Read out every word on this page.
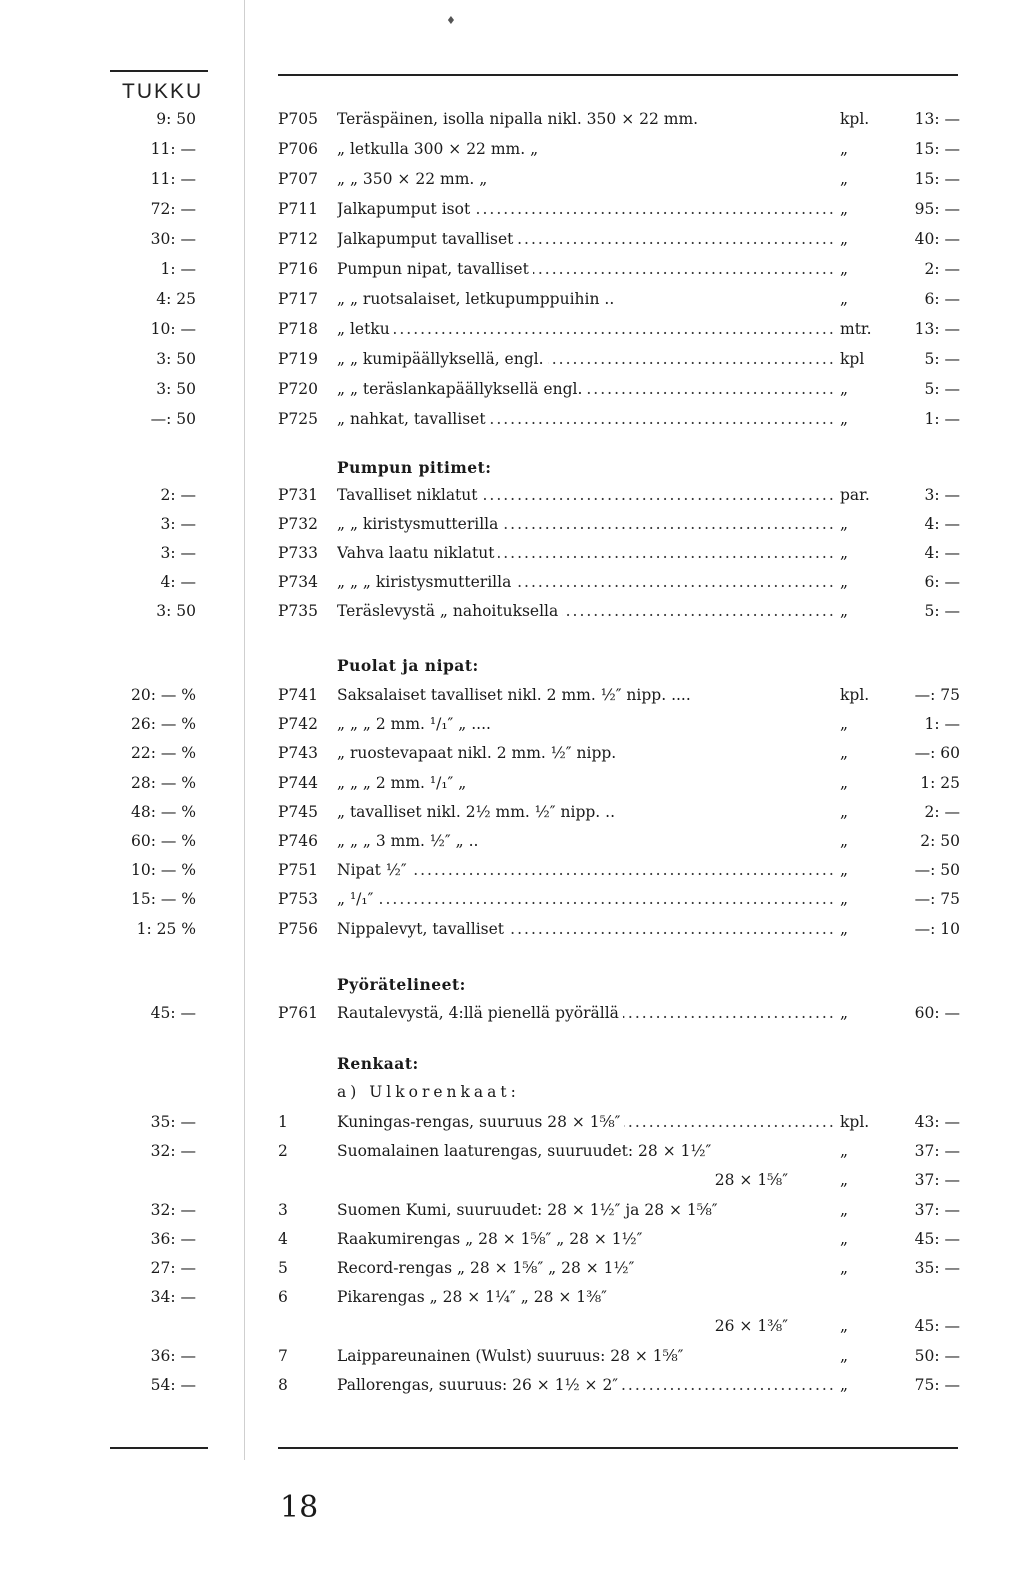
♦
TUKKU
9: 50	P705	Teräspäinen, isolla nipalla nikl. 350 × 22 mm.	kpl.	13: —
11: —	P706	„ letkulla 300 × 22 mm. „	„	15: —
11: —	P707	„ „ 350 × 22 mm. „	„	15: —
72: —	P711	Jalkapumput isot .....	„	95: —
30: —	P712	Jalkapumput tavalliset .....	„	40: —
1: —	P716	Pumpun nipat, tavalliset .....	„	2: —
4: 25	P717	„ „ ruotsalaiset, letkupumppuihin ..	„	6: —
10: —	P718	„ letku .....	mtr.	13: —
3: 50	P719	„ „ kumipäällyksellä, engl. .....	kpl	5: —
3: 50	P720	„ „ teräslankapäällyksellä engl. .....	„	5: —
—: 50	P725	„ nahkat, tavalliset .....	„	1: —
Pumpun pitimet:
2: —	P731	Tavalliset niklatut .....	par.	3: —
3: —	P732	„ „ kiristysmutterilla .....	„	4: —
3: —	P733	Vahva laatu niklatut .....	„	4: —
4: —	P734	„ „ „ kiristysmutterilla .....	„	6: —
3: 50	P735	Teräslevystä „ nahoituksella .....	„	5: —
Puolat ja nipat:
20: — %	P741	Saksalaiset tavalliset nikl. 2 mm. ½″ nipp. ....	kpl.	—: 75
26: — %	P742	„ „ „ 2 mm. ¹/₁″ „ ....	„	1: —
22: — %	P743	„ ruostevapaat nikl. 2 mm. ½″ nipp.	„	—: 60
28: — %	P744	„ „ „ 2 mm. ¹/₁″ „	„	1: 25
48: — %	P745	„ tavalliset nikl. 2½ mm. ½″ nipp. ..	„	2: —
60: — %	P746	„ „ „ 3 mm. ½″ „ ..	„	2: 50
10: — %	P751	Nipat ½″ .....	„	—: 50
15: — %	P753	„ ¹/₁″ .....	„	—: 75
1: 25 %	P756	Nippalevyt, tavalliset .....	„	—: 10
Pyörätelineet:
45: —	P761	Rautalevystä, 4:llä pienellä pyörällä .....	„	60: —
Renkaat:
a) Ulkorenkaat:
35: —	1	Kuningas-rengas, suuruus 28 × 1⅝″ .....	kpl.	43: —
32: —	2	Suomalainen laaturengas, suuruudet: 28 × 1½″	„	37: —
28 × 1⅝″	„	37: —
32: —	3	Suomen Kumi, suuruudet: 28 × 1½″ ja 28 × 1⅝″	„	37: —
36: —	4	Raakumirengas „ 28 × 1⅝″ „ 28 × 1½″	„	45: —
27: —	5	Record-rengas „ 28 × 1⅝″ „ 28 × 1½″	„	35: —
34: —	6	Pikarengas „ 28 × 1¼″ „ 28 × 1⅜″
26 × 1⅜″	„	45: —
36: —	7	Laippareunainen (Wulst) suuruus: 28 × 1⅝″	„	50: —
54: —	8	Pallorengas, suuruus: 26 × 1½ × 2″ .....	„	75: —
18
